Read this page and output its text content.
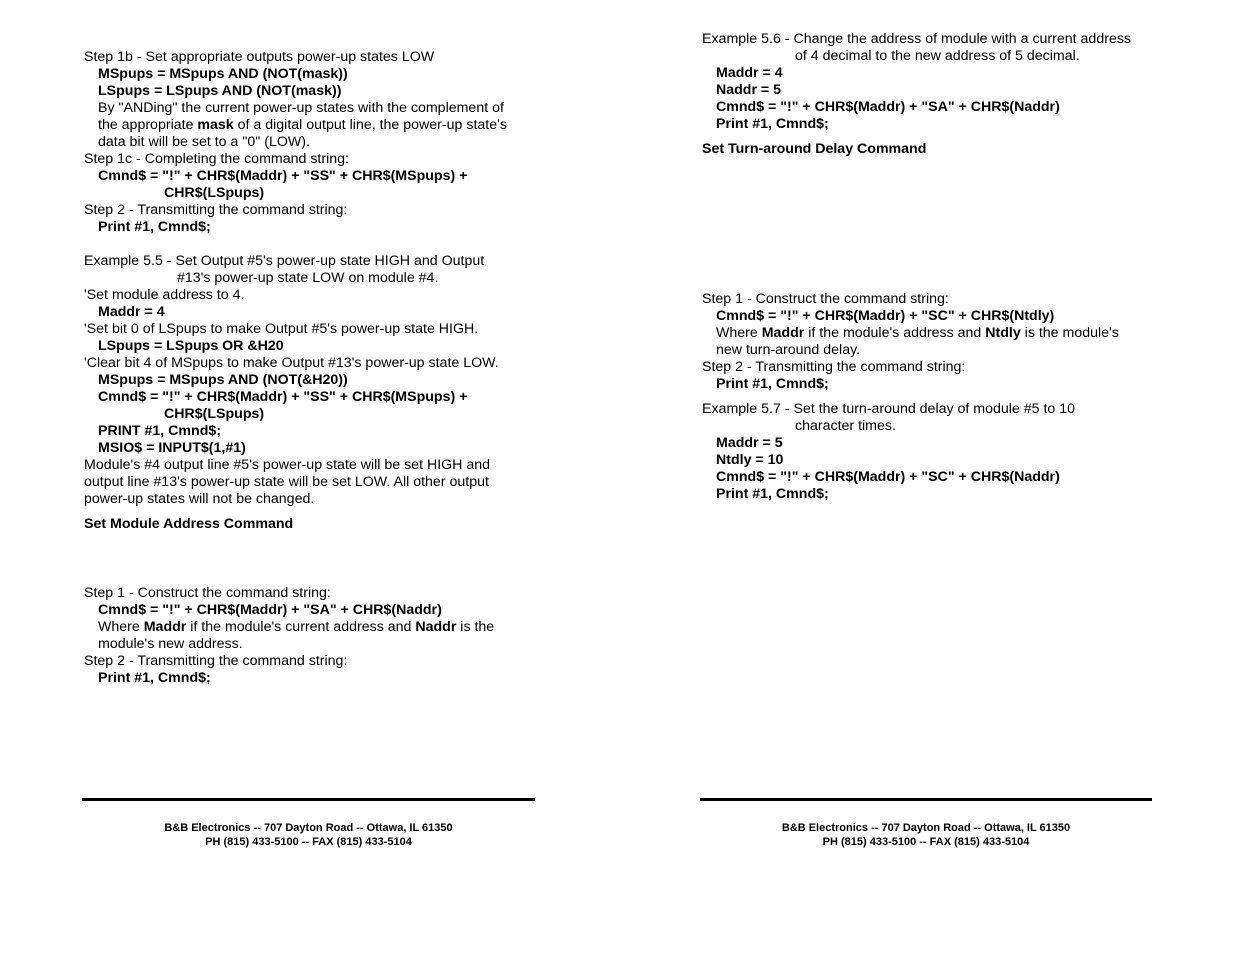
Step 1b - Set appropriate outputs power-up states LOW
MSpups = MSpups AND (NOT(mask))
LSpups = LSpups AND (NOT(mask))
By "ANDing" the current power-up states with the complement of
the appropriate mask of a digital output line, the power-up state's
data bit will be set to a "0" (LOW).
Step 1c - Completing the command string:
Cmnd$ = "!" + CHR$(Maddr) + "SS" + CHR$(MSpups) +
CHR$(LSpups)
Step 2 - Transmitting the command string:
Print #1, Cmnd$;
Example 5.5 - Set Output #5's power-up state HIGH and Output
#13's power-up state LOW on module #4.
'Set module address to 4.
Maddr = 4
'Set bit 0 of LSpups to make Output #5's power-up state HIGH.
LSpups = LSpups OR &H20
'Clear bit 4 of MSpups to make Output #13's power-up state LOW.
MSpups = MSpups AND (NOT(&H20))
Cmnd$ = "!" + CHR$(Maddr) + "SS" + CHR$(MSpups) +
CHR$(LSpups)
PRINT #1, Cmnd$;
MSIO$ = INPUT$(1,#1)
Module's #4 output line #5's power-up state will be set HIGH and
output line #13's power-up state will be set LOW. All other output
power-up states will not be changed.
Set Module Address Command
Step 1 - Construct the command string:
Cmnd$ = "!" + CHR$(Maddr) + "SA" + CHR$(Naddr)
Where Maddr if the module's current address and Naddr is the
module's new address.
Step 2 - Transmitting the command string:
Print #1, Cmnd$;
Example 5.6 - Change the address of module with a current address
of 4 decimal to the new address of 5 decimal.
Maddr = 4
Naddr = 5
Cmnd$ = "!" + CHR$(Maddr) + "SA" + CHR$(Naddr)
Print #1, Cmnd$;
Set Turn-around Delay Command
Step 1 - Construct the command string:
Cmnd$ = "!" + CHR$(Maddr) + "SC" + CHR$(Ntdly)
Where Maddr if the module's address and Ntdly is the module's
new turn-around delay.
Step 2 - Transmitting the command string:
Print #1, Cmnd$;
Example 5.7 - Set the turn-around delay of module #5 to 10
character times.
Maddr = 5
Ntdly = 10
Cmnd$ = "!" + CHR$(Maddr) + "SC" + CHR$(Naddr)
Print #1, Cmnd$;
B&B Electronics -- 707 Dayton Road -- Ottawa, IL 61350
PH (815) 433-5100 -- FAX (815) 433-5104
B&B Electronics -- 707 Dayton Road -- Ottawa, IL 61350
PH (815) 433-5100 -- FAX (815) 433-5104
